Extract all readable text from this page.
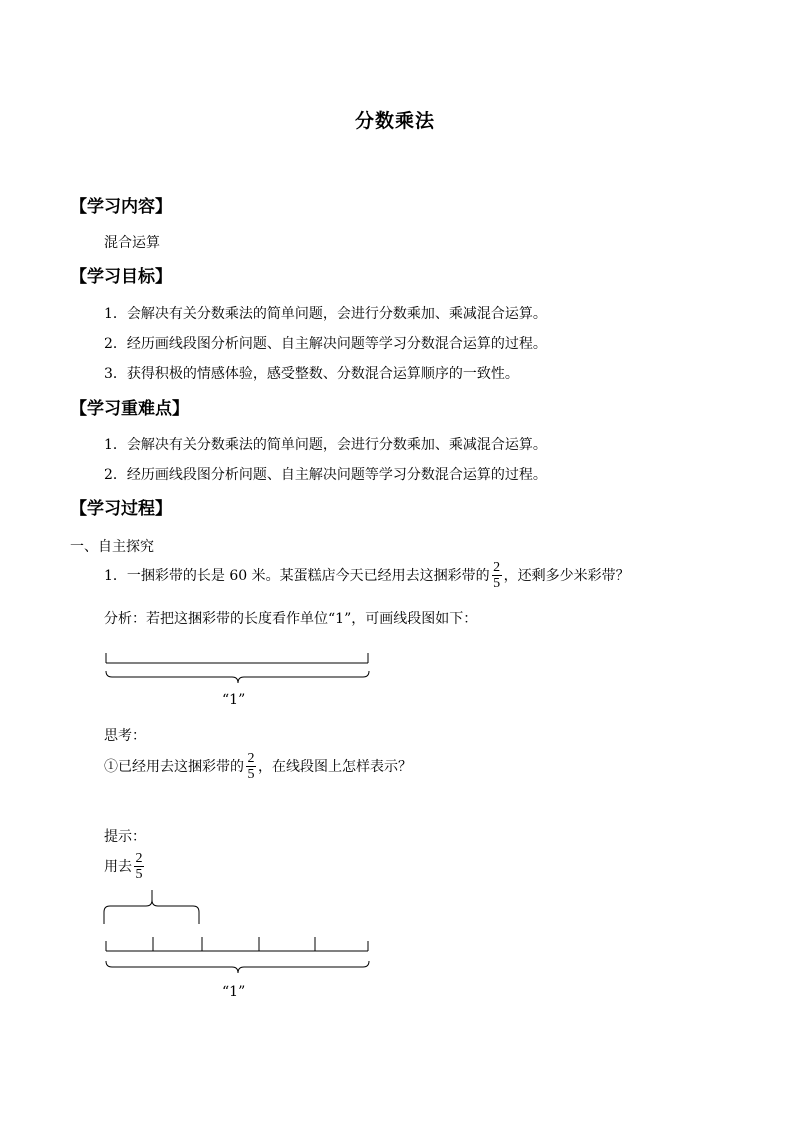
分数乘法
【学习内容】
混合运算
【学习目标】
1．会解决有关分数乘法的简单问题，会进行分数乘加、乘减混合运算。
2．经历画线段图分析问题、自主解决问题等学习分数混合运算的过程。
3．获得积极的情感体验，感受整数、分数混合运算顺序的一致性。
【学习重难点】
1．会解决有关分数乘法的简单问题，会进行分数乘加、乘减混合运算。
2．经历画线段图分析问题、自主解决问题等学习分数混合运算的过程。
【学习过程】
一、自主探究
1．一捆彩带的长是 60 米。某蛋糕店今天已经用去这捆彩带的 $\frac{2}{5}$ ，还剩多少米彩带？
分析：若把这捆彩带的长度看作单位“1”，可画线段图如下：
“1”
思考：
①已经用去这捆彩带的 $\frac{2}{5}$ ，在线段图上怎样表示？
提示：
用去 $\frac{2}{5}$
“1”
